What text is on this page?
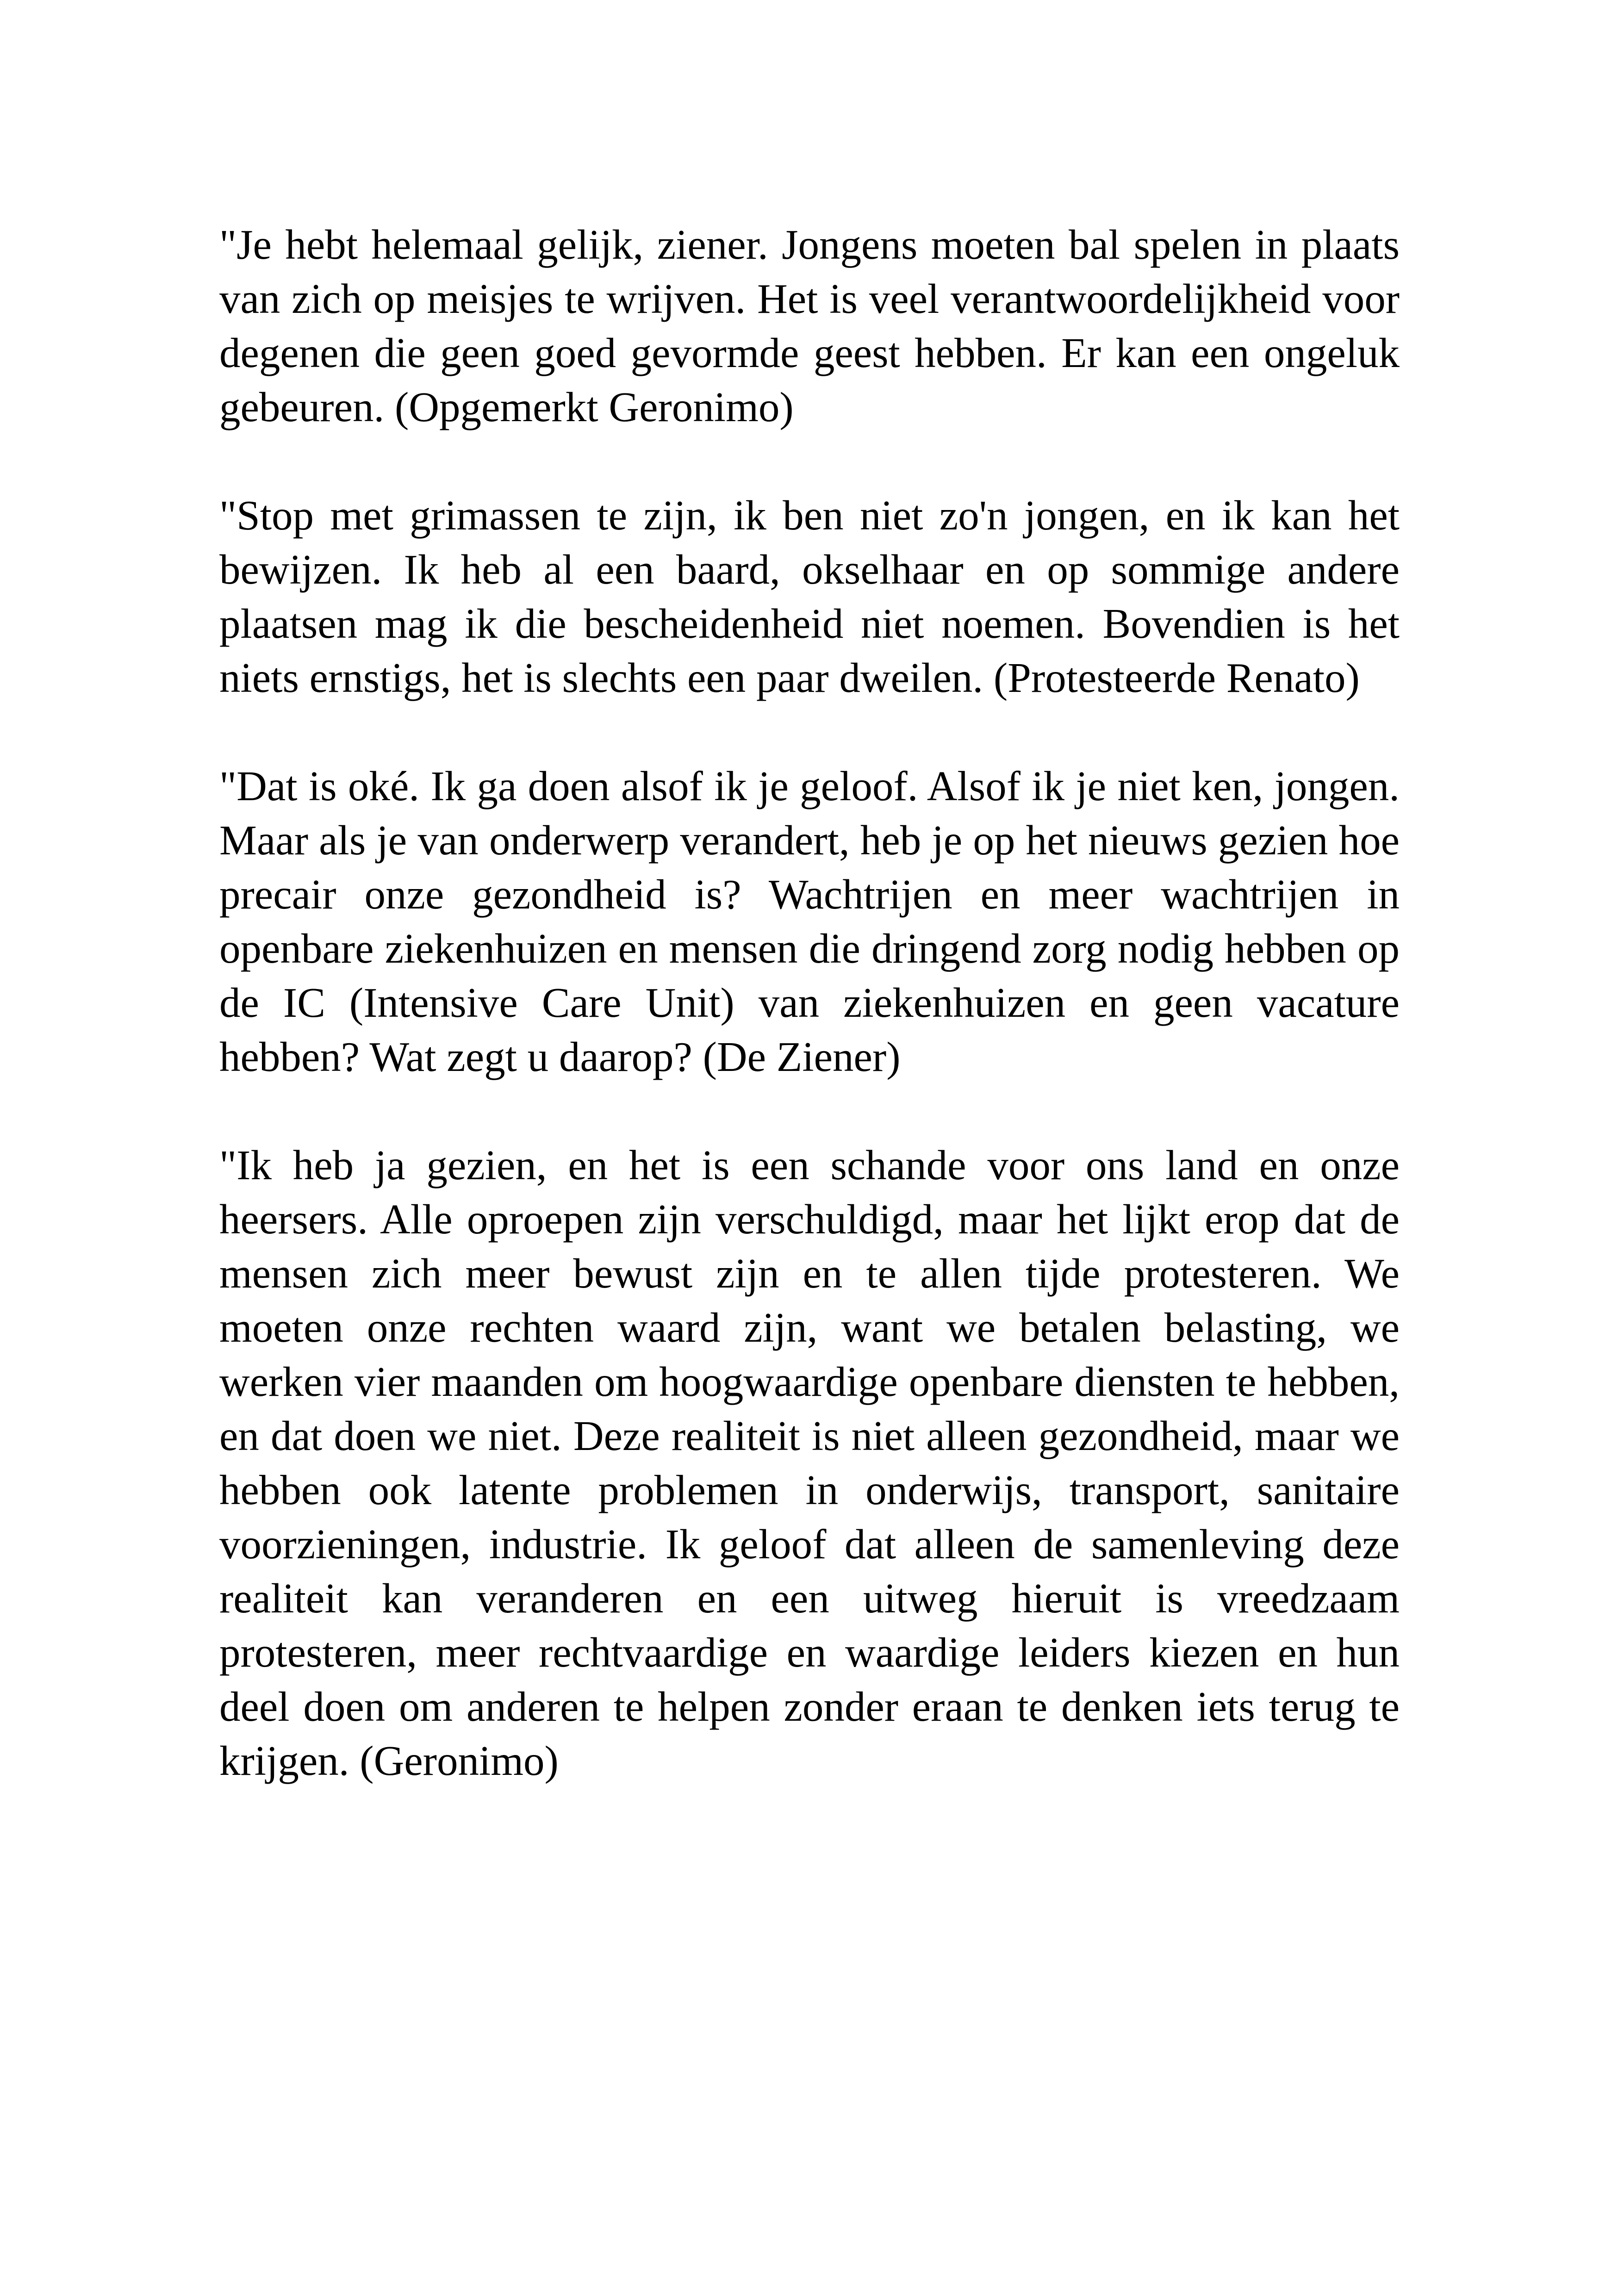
"Je hebt helemaal gelijk, ziener. Jongens moeten bal spelen in plaats van zich op meisjes te wrijven. Het is veel verantwoordelijkheid voor degenen die geen goed gevormde geest hebben. Er kan een ongeluk gebeuren. (Opgemerkt Geronimo)

"Stop met grimassen te zijn, ik ben niet zo'n jongen, en ik kan het bewijzen. Ik heb al een baard, okselhaar en op sommige andere plaatsen mag ik die bescheidenheid niet noemen. Bovendien is het niets ernstigs, het is slechts een paar dweilen. (Protesteerde Renato)

"Dat is oké. Ik ga doen alsof ik je geloof. Alsof ik je niet ken, jongen. Maar als je van onderwerp verandert, heb je op het nieuws gezien hoe precair onze gezondheid is? Wachtrijen en meer wachtrijen in openbare ziekenhuizen en mensen die dringend zorg nodig hebben op de IC (Intensive Care Unit) van ziekenhuizen en geen vacature hebben? Wat zegt u daarop? (De Ziener)

"Ik heb ja gezien, en het is een schande voor ons land en onze heersers. Alle oproepen zijn verschuldigd, maar het lijkt erop dat de mensen zich meer bewust zijn en te allen tijde protesteren. We moeten onze rechten waard zijn, want we betalen belasting, we werken vier maanden om hoogwaardige openbare diensten te hebben, en dat doen we niet. Deze realiteit is niet alleen gezondheid, maar we hebben ook latente problemen in onderwijs, transport, sanitaire voorzieningen, industrie. Ik geloof dat alleen de samenleving deze realiteit kan veranderen en een uitweg hieruit is vreedzaam protesteren, meer rechtvaardige en waardige leiders kiezen en hun deel doen om anderen te helpen zonder eraan te denken iets terug te krijgen. (Geronimo)
